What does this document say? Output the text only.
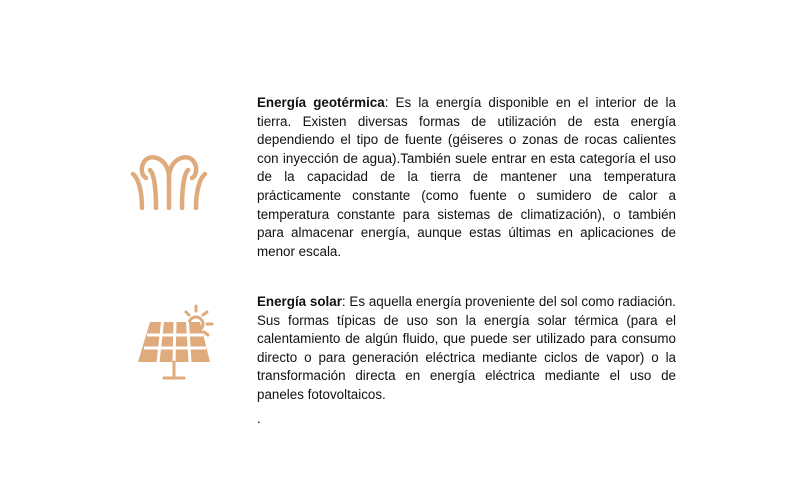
Energía geotérmica: Es la energía disponible en el interior de la tierra. Existen diversas formas de utilización de esta energía dependiendo el tipo de fuente (géiseres o zonas de rocas calientes con inyección de agua).También suele entrar en esta categoría el uso de la capacidad de la tierra de mantener una temperatura prácticamente constante (como fuente o sumidero de calor a temperatura constante para sistemas de climatización), o también para almacenar energía, aunque estas últimas en aplicaciones de menor escala.

Energía solar: Es aquella energía proveniente del sol como radiación. Sus formas típicas de uso son la energía solar térmica (para el calentamiento de algún fluido, que puede ser utilizado para consumo directo o para generación eléctrica mediante ciclos de vapor) o la transformación directa en energía eléctrica mediante el uso de paneles fotovoltaicos.

.
